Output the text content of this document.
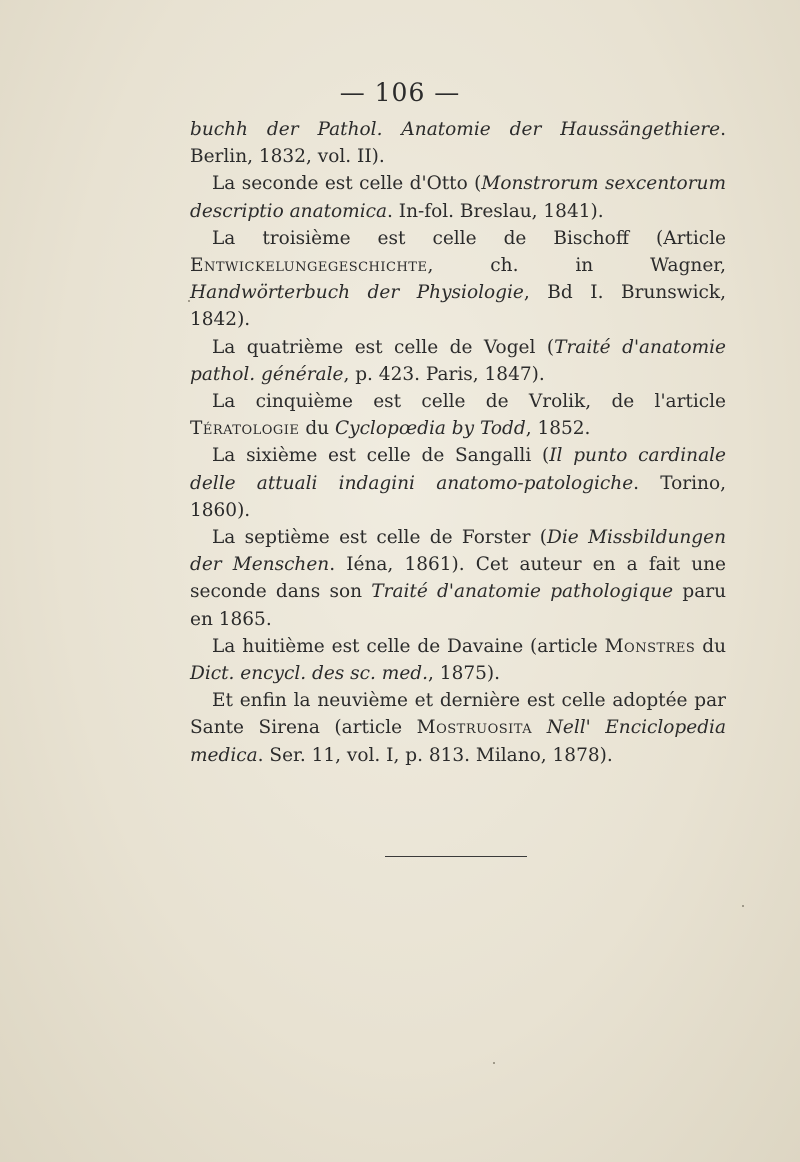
— 106 —

buchh der Pathol. Anatomie der Haussängethiere. Berlin, 1832, vol. II).

La seconde est celle d'Otto (Monstrorum sexcentorum descriptio anatomica. In-fol. Breslau, 1841).

La troisième est celle de Bischoff (Article Entwickelungegeschichte, ch. in Wagner, Handwörterbuch der Physiologie, Bd I. Brunswick, 1842).

La quatrième est celle de Vogel (Traité d'anatomie pathol. générale, p. 423. Paris, 1847).

La cinquième est celle de Vrolik, de l'article Tératologie du Cyclopœdia by Todd, 1852.

La sixième est celle de Sangalli (Il punto cardinale delle attuali indagini anatomo-patologiche. Torino, 1860).

La septième est celle de Forster (Die Missbildungen der Menschen. Iéna, 1861). Cet auteur en a fait une seconde dans son Traité d'anatomie pathologique paru en 1865.

La huitième est celle de Davaine (article Monstres du Dict. encycl. des sc. med., 1875).

Et enfin la neuvième et dernière est celle adoptée par Sante Sirena (article Mostruosita Nell' Enciclopedia medica. Ser. 11, vol. I, p. 813. Milano, 1878).
